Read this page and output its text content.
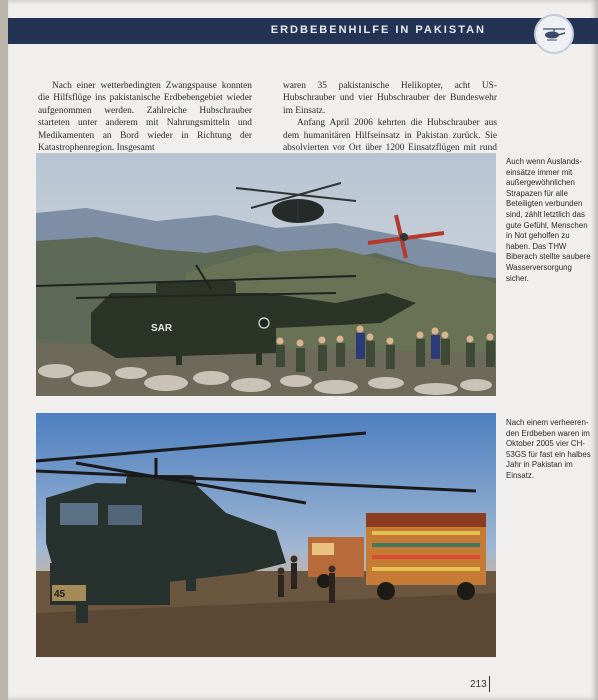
ERDBEBENHILFE IN PAKISTAN
Nach einer wetterbedingten Zwangspause konnten die Hilfsflüge ins pakistanische Erdbebengebiet wieder aufgenommen werden. Zahlreiche Hubschrauber starteten unter anderem mit Nahrungsmitteln und Medikamenten an Bord wieder in Richtung der Katastrophenregion. Insgesamt

waren 35 pakistanische Helikopter, acht US-Hubschrauber und vier Hubschrauber der Bundeswehr im Einsatz.

Anfang April 2006 kehrten die Hubschrauber aus dem humanitären Hilfseinsatz in Pakistan zurück. Sie absolvierten vor Ort über 1200 Einsatzflügen mit rund

SAR
Auch wenn Auslandseinsätze immer mit außergewöhnlichen Strapazen für alle Beteiligten verbunden sind, zählt letztlich das gute Gefühl, Menschen in Not geholfen zu haben. Das THW Biberach stellte saubere Wasserversorgung sicher.
45
Nach einem verheerenden Erdbeben waren im Oktober 2005 vier CH-53GS für fast ein halbes Jahr in Pakistan im Einsatz.
213
